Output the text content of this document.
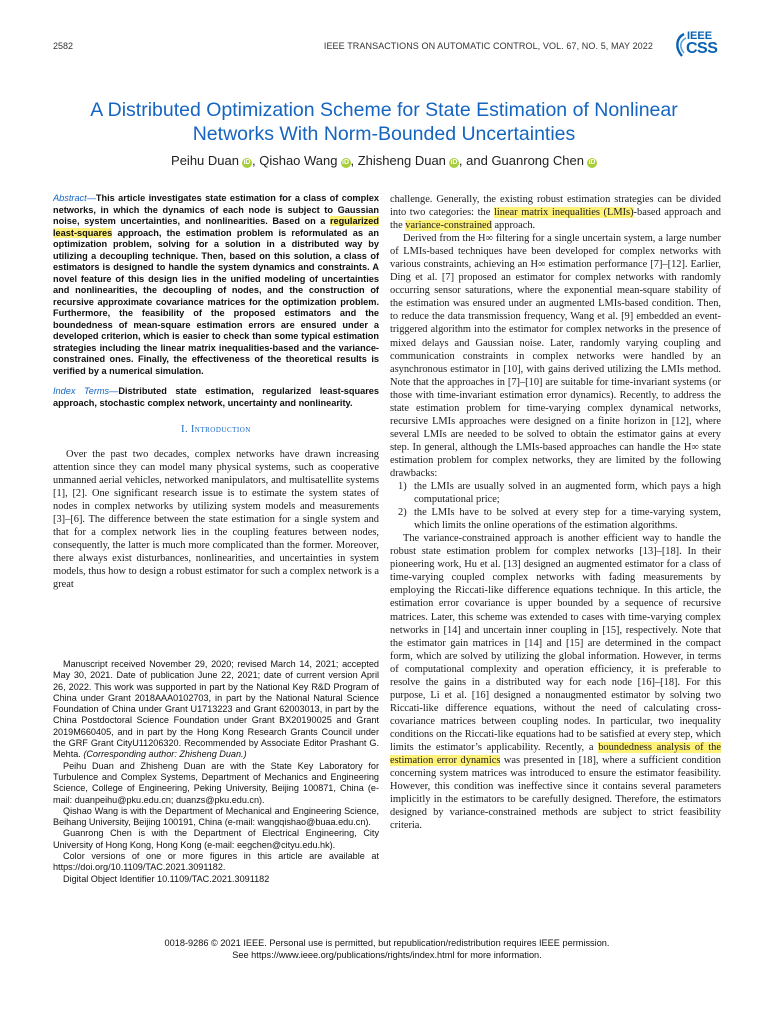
2582	IEEE TRANSACTIONS ON AUTOMATIC CONTROL, VOL. 67, NO. 5, MAY 2022
IEEE
CSS
A Distributed Optimization Scheme for State Estimation of Nonlinear
Networks With Norm-Bounded Uncertainties
Peihu Duan iD , Qishao Wang iD , Zhisheng Duan iD , and Guanrong Chen iD

Abstract—This article investigates state estimation for a class of complex networks, in which the dynamics of each node is subject to Gaussian noise, system uncertainties, and nonlinearities. Based on a regularized least-squares approach, the estimation problem is reformulated as an optimization problem, solving for a solution in a distributed way by utilizing a decoupling technique. Then, based on this solution, a class of estimators is designed to handle the system dynamics and constraints. A novel feature of this design lies in the unified modeling of uncertainties and nonlinearities, the decoupling of nodes, and the construction of recursive approximate covariance matrices for the optimization problem. Furthermore, the feasibility of the proposed estimators and the boundedness of mean-square estimation errors are ensured under a developed criterion, which is easier to check than some typical estimation strategies including the linear matrix inequalities-based and the variance-constrained ones. Finally, the effectiveness of the theoretical results is verified by a numerical simulation.

Index Terms—Distributed state estimation, regularized least-squares approach, stochastic complex network, uncertainty and nonlinearity.

I. Introduction

Over the past two decades, complex networks have drawn increasing attention since they can model many physical systems, such as cooperative unmanned aerial vehicles, networked manipulators, and multisatellite systems [1], [2]. One significant research issue is to estimate the system states of nodes in complex networks by utilizing system models and measurements [3]–[6]. The difference between the state estimation for a single system and that for a complex network lies in the coupling features between nodes, consequently, the latter is much more complicated than the former. Moreover, there always exist disturbances, nonlinearities, and uncertainties in system models, thus how to design a robust estimator for such a complex network is a great

Manuscript received November 29, 2020; revised March 14, 2021; accepted May 30, 2021. Date of publication June 22, 2021; date of current version April 26, 2022. This work was supported in part by the National Key R&D Program of China under Grant 2018AAA0102703, in part by the National Natural Science Foundation of China under Grant U1713223 and Grant 62003013, in part by the China Postdoctoral Science Foundation under Grant BX20190025 and Grant 2019M660405, and in part by the Hong Kong Research Grants Council under the GRF Grant CityU11206320. Recommended by Associate Editor Prashant G. Mehta. (Corresponding author: Zhisheng Duan.)

Peihu Duan and Zhisheng Duan are with the State Key Laboratory for Turbulence and Complex Systems, Department of Mechanics and Engineering Science, College of Engineering, Peking University, Beijing 100871, China (e-mail: duanpeihu@pku.edu.cn; duanzs@pku.edu.cn).

Qishao Wang is with the Department of Mechanical and Engineering Science, Beihang University, Beijing 100191, China (e-mail: wangqishao@buaa.edu.cn).

Guanrong Chen is with the Department of Electrical Engineering, City University of Hong Kong, Hong Kong (e-mail: eegchen@cityu.edu.hk).

Color versions of one or more figures in this article are available at https://doi.org/10.1109/TAC.2021.3091182.

Digital Object Identifier 10.1109/TAC.2021.3091182

challenge. Generally, the existing robust estimation strategies can be divided into two categories: the linear matrix inequalities (LMIs)-based approach and the variance-constrained approach.

Derived from the H∞ filtering for a single uncertain system, a large number of LMIs-based techniques have been developed for complex networks with various constraints, achieving an H∞ estimation performance [7]–[12]. Earlier, Ding et al. [7] proposed an estimator for complex networks with randomly occurring sensor saturations, where the exponential mean-square stability of the estimation was ensured under an augmented LMIs-based condition. Then, to reduce the data transmission frequency, Wang et al. [9] embedded an event-triggered algorithm into the estimator for complex networks in the presence of mixed delays and Gaussian noise. Later, randomly varying coupling and communication constraints in complex networks were handled by an asynchronous estimator in [10], with gains derived utilizing the LMIs method. Note that the approaches in [7]–[10] are suitable for time-invariant systems (or those with time-invariant estimation error dynamics). Recently, to address the state estimation problem for time-varying complex dynamical networks, recursive LMIs approaches were designed on a finite horizon in [12], where several LMIs are needed to be solved to obtain the estimator gains at every step. In general, although the LMIs-based approaches can handle the H∞ state estimation problem for complex networks, they are limited by the following drawbacks:

1) the LMIs are usually solved in an augmented form, which pays a high computational price;
2) the LMIs have to be solved at every step for a time-varying system, which limits the online operations of the estimation algorithms.

The variance-constrained approach is another efficient way to handle the robust state estimation problem for complex networks [13]–[18]. In their pioneering work, Hu et al. [13] designed an augmented estimator for a class of time-varying coupled complex networks with fading measurements by employing the Riccati-like difference equations technique. In this article, the estimation error covariance is upper bounded by a sequence of recursive matrices. Later, this scheme was extended to cases with time-varying complex networks in [14] and uncertain inner coupling in [15], respectively. Note that the estimator gain matrices in [14] and [15] are determined in the compact form, which are solved by utilizing the global information. However, in terms of computational complexity and operation efficiency, it is preferable to resolve the gains in a distributed way for each node [16]–[18]. For this purpose, Li et al. [16] designed a nonaugmented estimator by solving two Riccati-like difference equations, without the need of calculating cross-covariance matrices between coupling nodes. In particular, two inequality conditions on the Riccati-like equations had to be satisfied at every step, which limits the estimator’s applicability. Recently, a boundedness analysis of the estimation error dynamics was presented in [18], where a sufficient condition concerning system matrices was introduced to ensure the estimator feasibility. However, this condition was ineffective since it contains several parameters implicitly in the estimators to be carefully designed. Therefore, the estimators designed by variance-constrained methods are subject to strict feasibility criteria.

0018-9286 © 2021 IEEE. Personal use is permitted, but republication/redistribution requires IEEE permission.
See https://www.ieee.org/publications/rights/index.html for more information.
